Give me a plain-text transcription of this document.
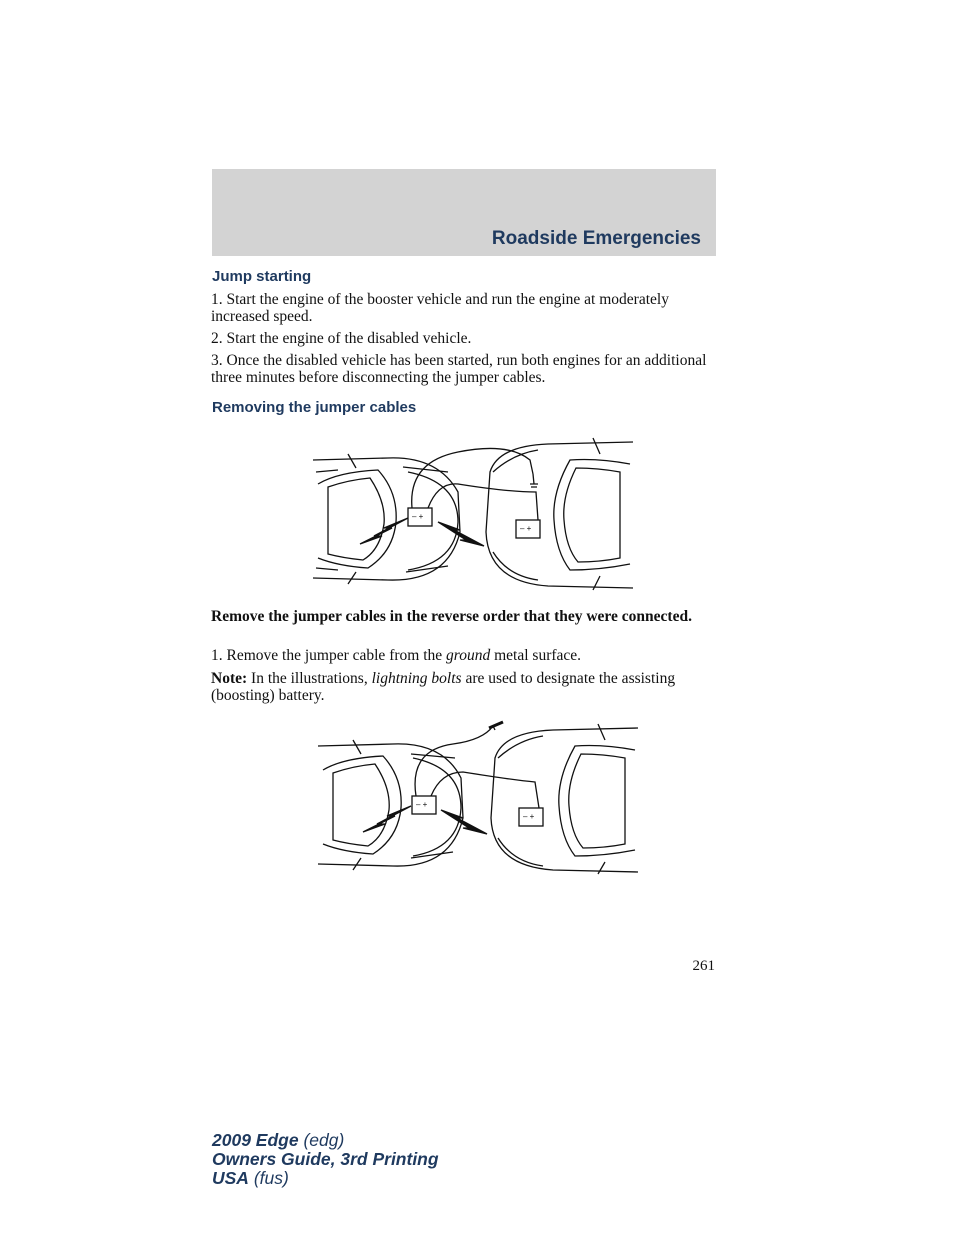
Roadside Emergencies
Jump starting
1. Start the engine of the booster vehicle and run the engine at moderately increased speed.
2. Start the engine of the disabled vehicle.
3. Once the disabled vehicle has been started, run both engines for an additional three minutes before disconnecting the jumper cables.
Removing the jumper cables
– +
– +
Remove the jumper cables in the reverse order that they were connected.
1. Remove the jumper cable from the ground metal surface.
Note: In the illustrations, lightning bolts are used to designate the assisting (boosting) battery.
– +
– +
261
2009 Edge (edg)
Owners Guide, 3rd Printing
USA (fus)
